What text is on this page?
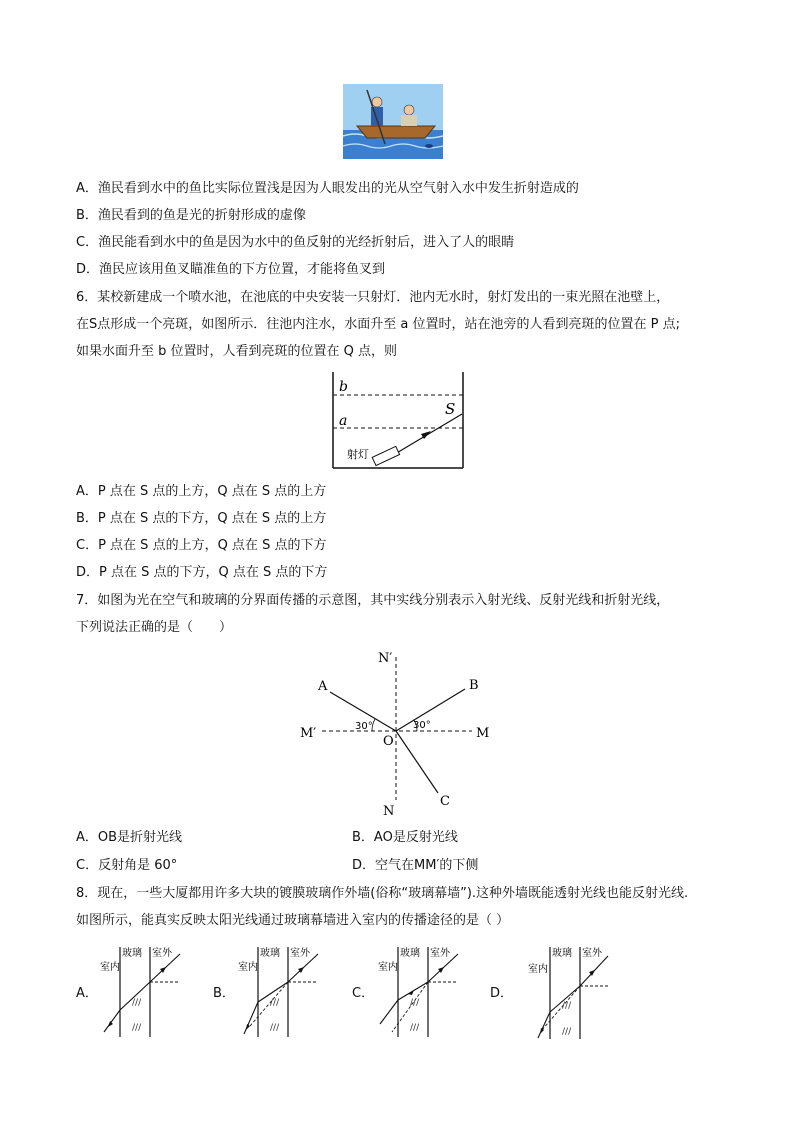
A．渔民看到水中的鱼比实际位置浅是因为人眼发出的光从空气射入水中发生折射造成的
B．渔民看到的鱼是光的折射形成的虚像
C．渔民能看到水中的鱼是因为水中的鱼反射的光经折射后，进入了人的眼睛
D．渔民应该用鱼叉瞄准鱼的下方位置，才能将鱼叉到
6．某校新建成一个喷水池，在池底的中央安装一只射灯．池内无水时，射灯发出的一束光照在池壁上，
在S点形成一个亮斑，如图所示．往池内注水，水面升至 a 位置时，站在池旁的人看到亮斑的位置在 P 点;
如果水面升至 b 位置时，人看到亮斑的位置在 Q 点，则
b
a
S
射灯
A．P 点在 S 点的上方，Q 点在 S 点的上方
B．P 点在 S 点的下方，Q 点在 S 点的上方
C．P 点在 S 点的上方，Q 点在 S 点的下方
D．P 点在 S 点的下方，Q 点在 S 点的下方
7．如图为光在空气和玻璃的分界面传播的示意图，其中实线分别表示入射光线、反射光线和折射光线，
下列说法正确的是（　　）
N′
N
M′	M
O
A	B
C
30°	30°
A．OB是折射光线	B．AO是反射光线
C．反射角是 60°	D．空气在MM′的下侧
8．现在，一些大厦都用许多大块的镀膜玻璃作外墙(俗称“玻璃幕墙”).这种外墙既能透射光线也能反射光线.
如图所示，能真实反映太阳光线通过玻璃幕墙进入室内的传播途径的是（ ）
A．	B．	C．	D．
玻璃 室外
室内
///
///
玻璃 室外
室内
///
///
玻璃 室外
室内
///
///
玻璃 室外
室内
///
///
